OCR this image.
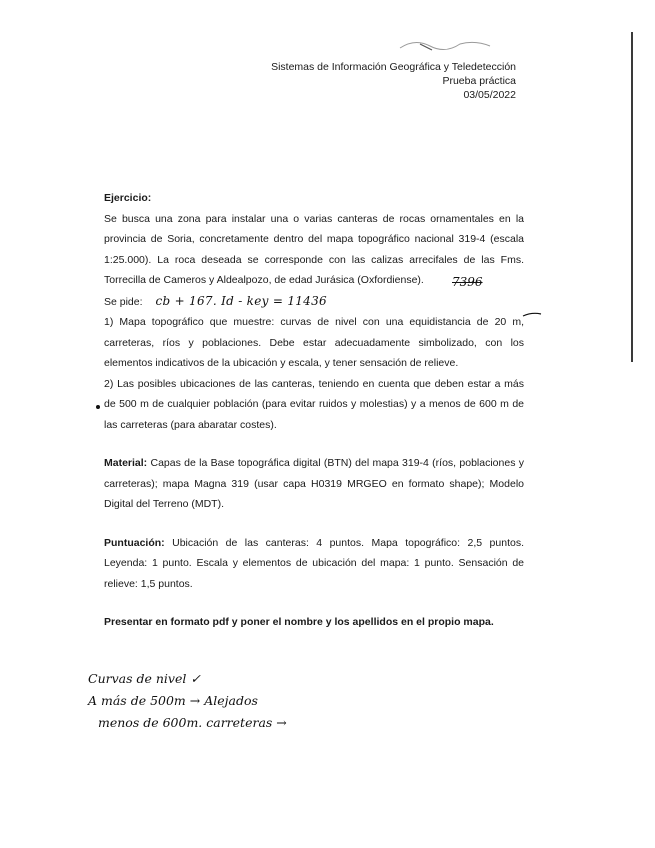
Sistemas de Información Geográfica y Teledetección
Prueba práctica
03/05/2022

Ejercicio:

Se busca una zona para instalar una o varias canteras de rocas ornamentales en la provincia de Soria, concretamente dentro del mapa topográfico nacional 319-4 (escala 1:25.000). La roca deseada se corresponde con las calizas arrecifales de las Fms. Torrecilla de Cameros y Aldealpozo, de edad Jurásica (Oxfordiense).

Se pide: cb + 167. Id - key = 11436

1) Mapa topográfico que muestre: curvas de nivel con una equidistancia de 20 m, carreteras, ríos y poblaciones. Debe estar adecuadamente simbolizado, con los elementos indicativos de la ubicación y escala, y tener sensación de relieve.

2) Las posibles ubicaciones de las canteras, teniendo en cuenta que deben estar a más de 500 m de cualquier población (para evitar ruidos y molestias) y a menos de 600 m de las carreteras (para abaratar costes).

Material: Capas de la Base topográfica digital (BTN) del mapa 319-4 (ríos, poblaciones y carreteras); mapa Magna 319 (usar capa H0319 MRGEO en formato shape); Modelo Digital del Terreno (MDT).

Puntuación: Ubicación de las canteras: 4 puntos. Mapa topográfico: 2,5 puntos. Leyenda: 1 punto. Escala y elementos de ubicación del mapa: 1 punto. Sensación de relieve: 1,5 puntos.

Presentar en formato pdf y poner el nombre y los apellidos en el propio mapa.

7396
Curvas de nivel ✓
A más de 500m → Alejados
menos de 600m. carreteras →
